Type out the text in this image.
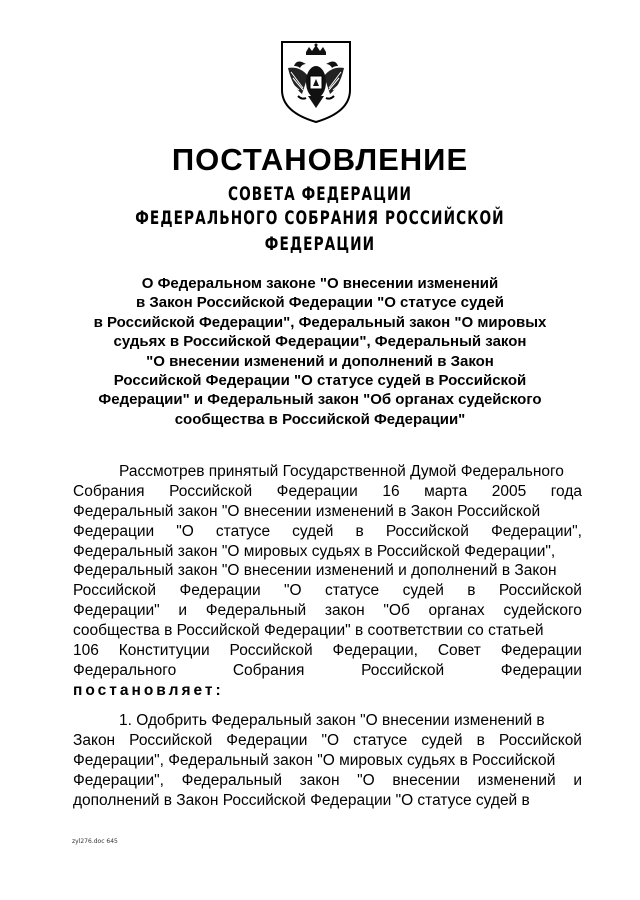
ПОСТАНОВЛЕНИЕ
СОВЕТА ФЕДЕРАЦИИ
ФЕДЕРАЛЬНОГО СОБРАНИЯ РОССИЙСКОЙ ФЕДЕРАЦИИ
О Федеральном законе "О внесении изменений
в Закон Российской Федерации "О статусе судей
в Российской Федерации", Федеральный закон "О мировых
судьях в Российской Федерации", Федеральный закон
"О внесении изменений и дополнений в Закон
Российской Федерации "О статусе судей в Российской
Федерации" и Федеральный закон "Об органах судейского
сообщества в Российской Федерации"
Рассмотрев принятый Государственной Думой Федерального
Собрания Российской Федерации 16 марта 2005 года
Федеральный закон "О внесении изменений в Закон Российской
Федерации "О статусе судей в Российской Федерации",
Федеральный закон "О мировых судьях в Российской Федерации",
Федеральный закон "О внесении изменений и дополнений в Закон
Российской Федерации "О статусе судей в Российской
Федерации" и Федеральный закон "Об органах судейского
сообщества в Российской Федерации" в соответствии со статьей
106 Конституции Российской Федерации, Совет Федерации
Федерального	Собрания	Российской	Федерации
постановляет:
1. Одобрить Федеральный закон "О внесении изменений в
Закон Российской Федерации "О статусе судей в Российской
Федерации", Федеральный закон "О мировых судьях в Российской
Федерации", Федеральный закон "О внесении изменений и
дополнений в Закон Российской Федерации "О статусе судей в
zyl276.doc 645
